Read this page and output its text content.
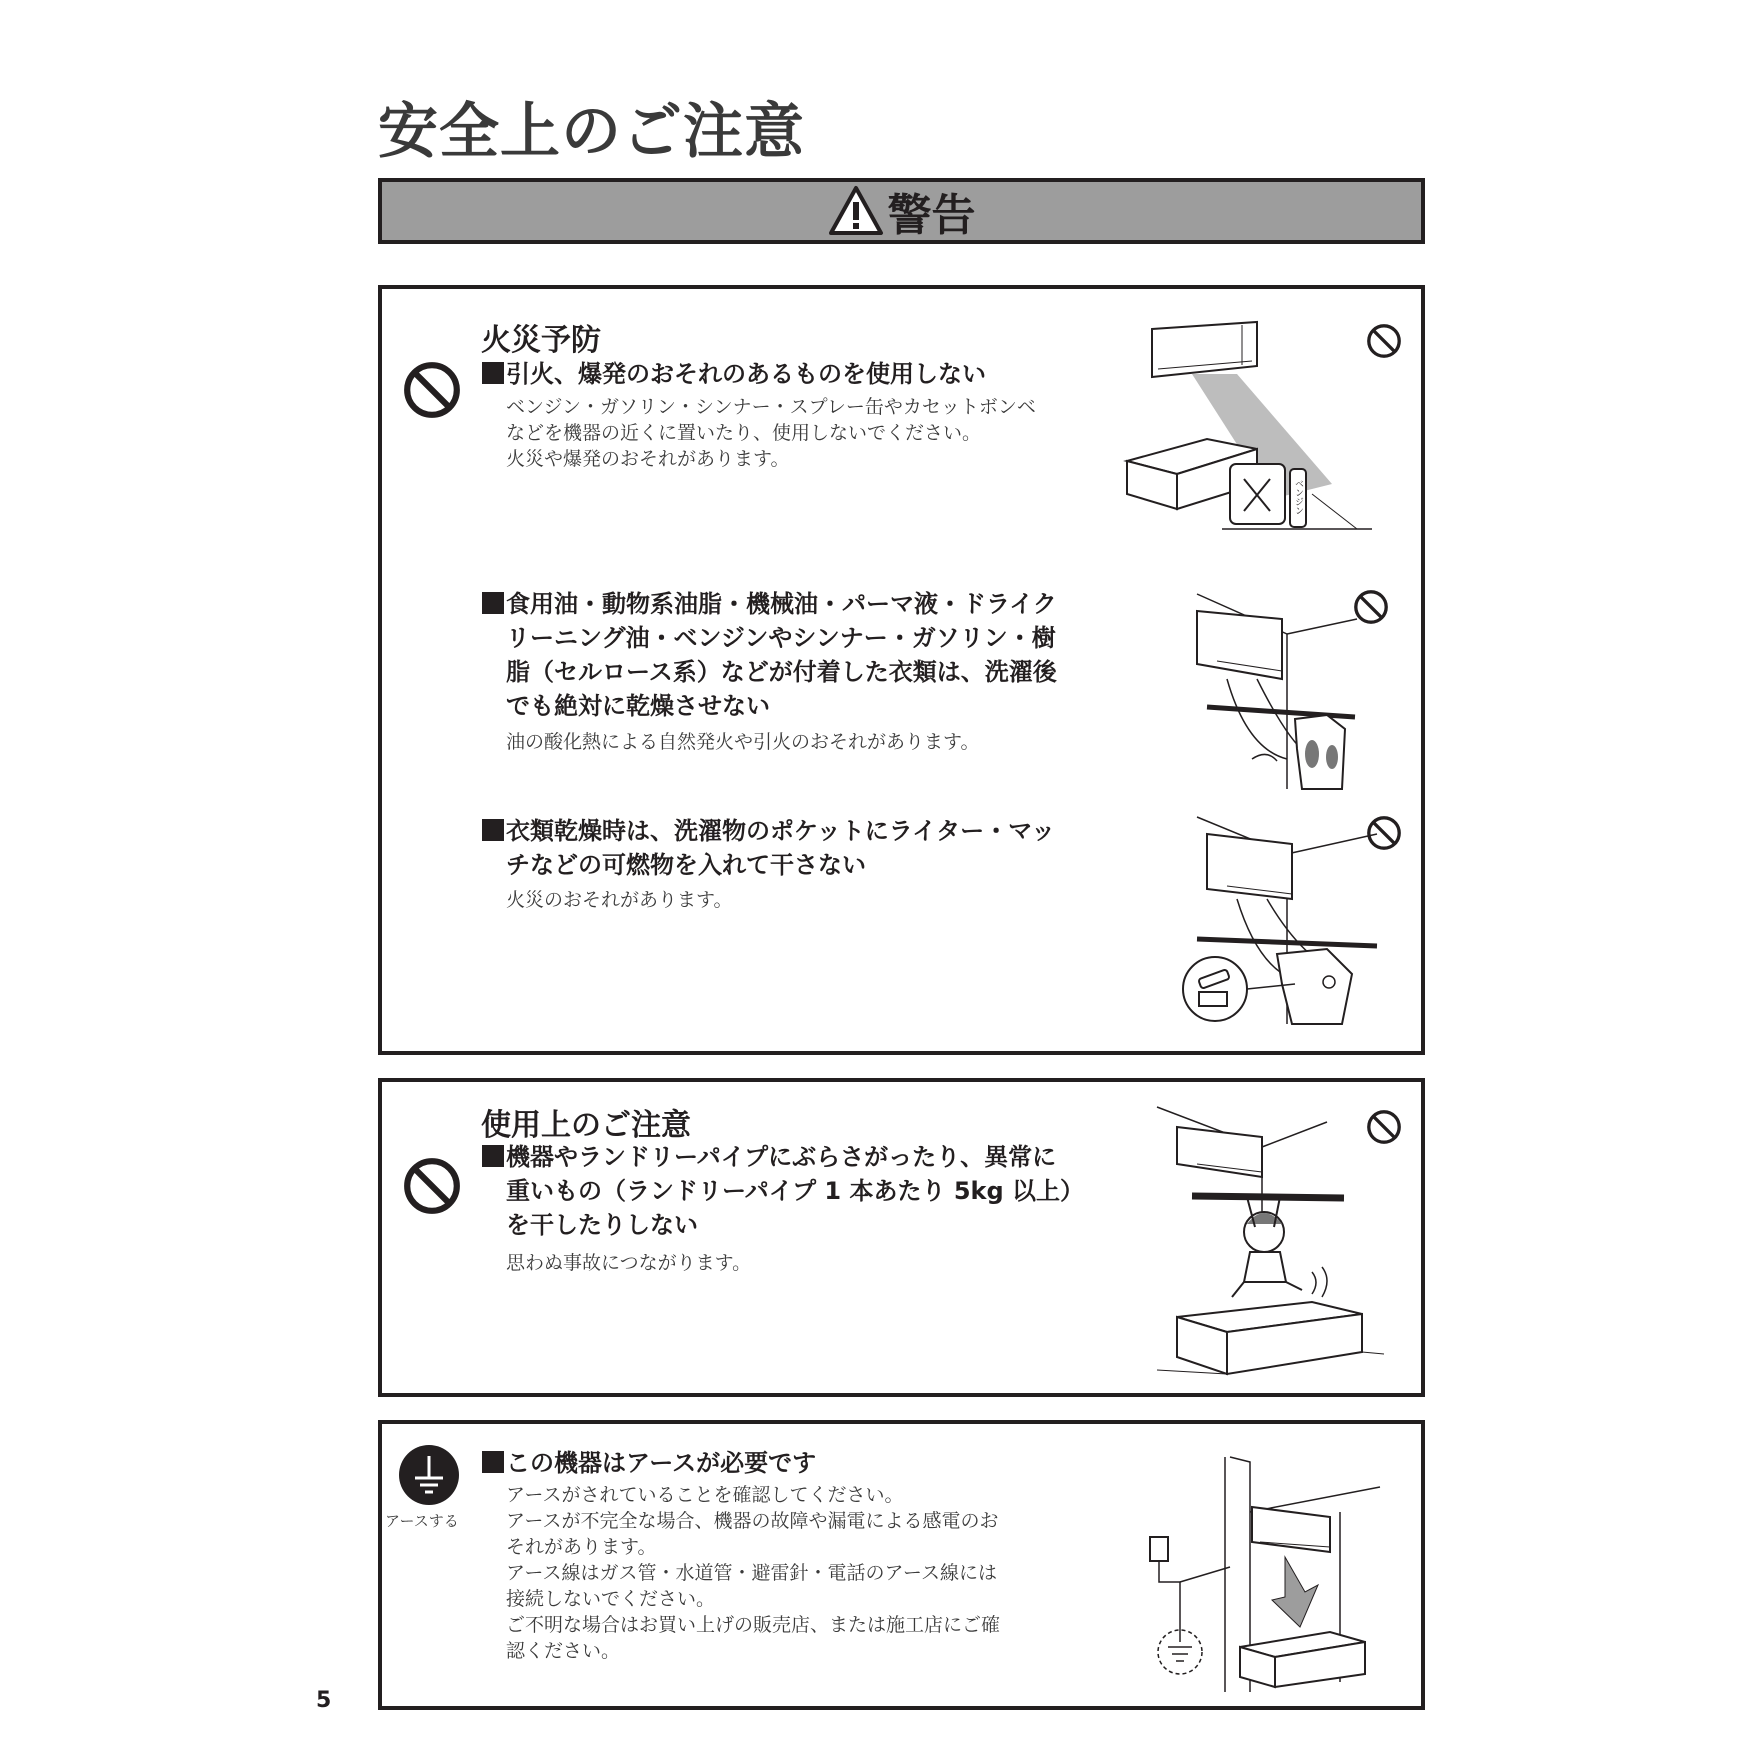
安全上のご注意
警告
火災予防
引火、爆発のおそれのあるものを使用しない
ベンジン・ガソリン・シンナー・スプレー缶やカセットボンベ
などを機器の近くに置いたり、使用しないでください。
火災や爆発のおそれがあります。
ベンジン
食用油・動物系油脂・機械油・パーマ液・ドライク
リーニング油・ベンジンやシンナー・ガソリン・樹
脂（セルロース系）などが付着した衣類は、洗濯後
でも絶対に乾燥させない
油の酸化熱による自然発火や引火のおそれがあります。
衣類乾燥時は、洗濯物のポケットにライター・マッ
チなどの可燃物を入れて干さない
火災のおそれがあります。
使用上のご注意
機器やランドリーパイプにぶらさがったり、異常に
重いもの（ランドリーパイプ 1 本あたり 5kg 以上）
を干したりしない
思わぬ事故につながります。
アースする
この機器はアースが必要です
アースがされていることを確認してください。
アースが不完全な場合、機器の故障や漏電による感電のお
それがあります。
アース線はガス管・水道管・避雷針・電話のアース線には
接続しないでください。
ご不明な場合はお買い上げの販売店、または施工店にご確
認ください。
5
